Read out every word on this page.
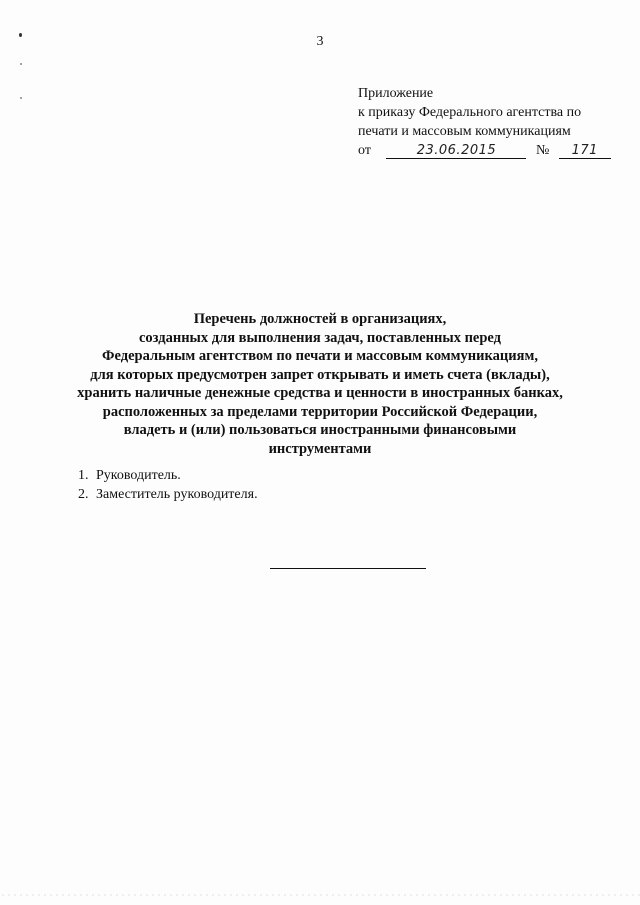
3
Приложение
к приказу Федерального агентства по
печати и массовым коммуникациям
от	23.06.2015	№ 171
Перечень должностей в организациях,
созданных для выполнения задач, поставленных перед
Федеральным агентством по печати и массовым коммуникациям,
для которых предусмотрен запрет открывать и иметь счета (вклады),
хранить наличные денежные средства и ценности в иностранных банках,
расположенных за пределами территории Российской Федерации,
владеть и (или) пользоваться иностранными финансовыми
инструментами
1. Руководитель.
2. Заместитель руководителя.
